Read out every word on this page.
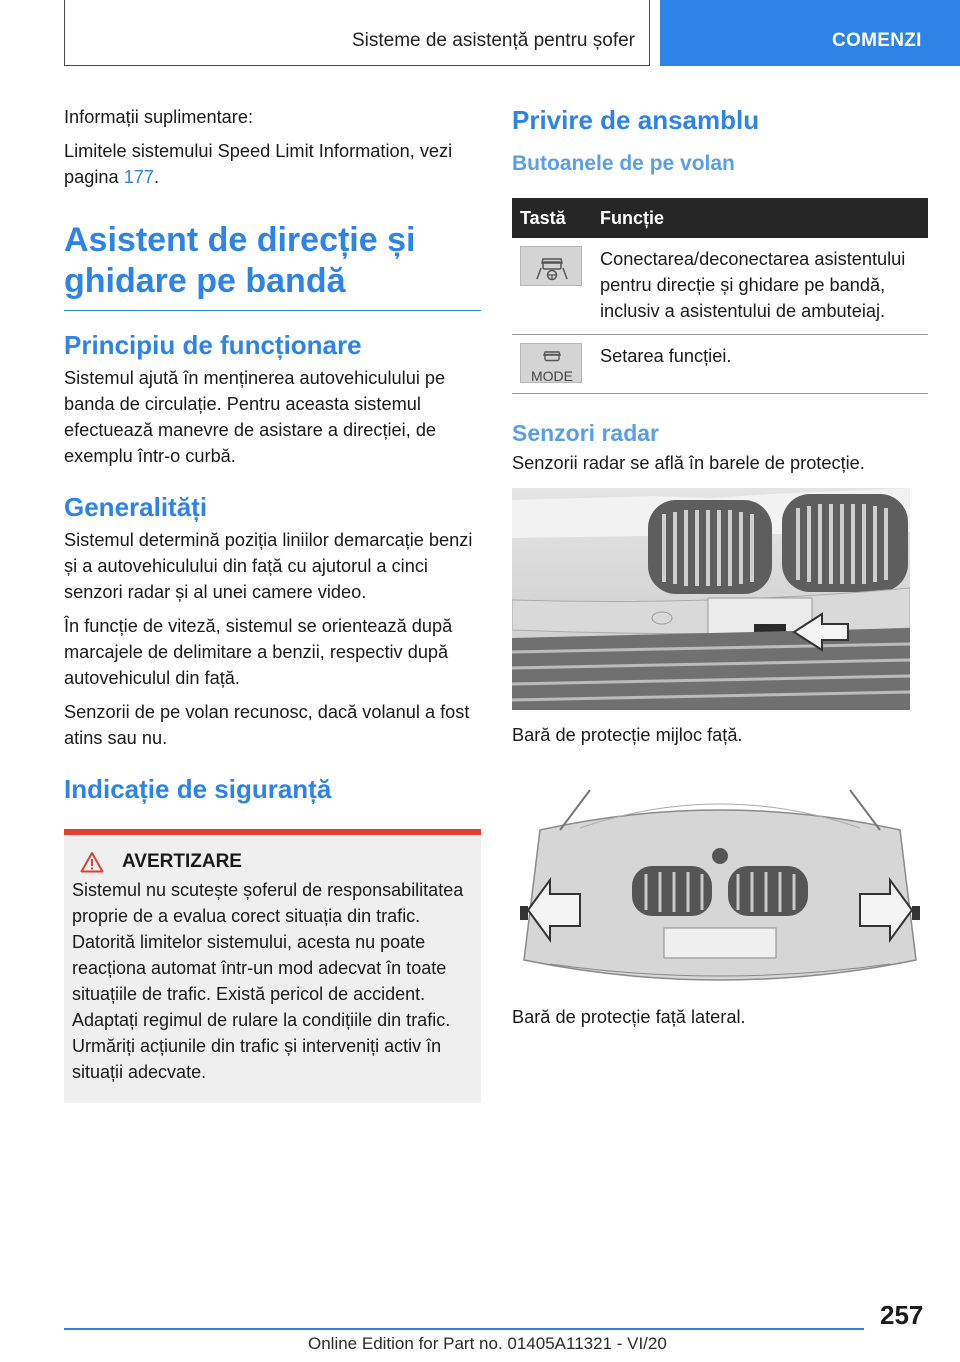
Sisteme de asistență pentru șofer	COMENZI

Informații suplimentare:

Limitele sistemului Speed Limit Information, vezi pagina 177.

Asistent de direcție și ghidare pe bandă
Principiu de funcționare

Sistemul ajută în menținerea autovehiculului pe banda de circulație. Pentru aceasta sistemul efectuează manevre de asistare a direcției, de exemplu într-o curbă.

Generalități

Sistemul determină poziția liniilor demarcație benzi și a autovehiculului din față cu ajutorul a cinci senzori radar și al unei camere video.

În funcție de viteză, sistemul se orientează după marcajele de delimitare a benzii, respectiv după autovehiculul din față.

Senzorii de pe volan recunosc, dacă volanul a fost atins sau nu.

Indicație de siguranță
AVERTIZARE

Sistemul nu scutește șoferul de responsabilitatea proprie de a evalua corect situația din trafic. Datorită limitelor sistemului, acesta nu poate reacționa automat într-un mod adecvat în toate situațiile de trafic. Există pericol de accident. Adaptați regimul de rulare la condițiile din trafic. Urmăriți acțiunile din trafic și interveniți activ în situații adecvate.

Privire de ansamblu
Butoanele de pe volan
Tastă	Funcție

	Conectarea/deconectarea asistentului pentru direcție și ghidare pe bandă, inclusiv a asistentului de ambuteiaj.

MODE	Setarea funcției.
Senzori radar

Senzorii radar se află în barele de protecție.

Bară de protecție mijloc față.

Bară de protecție față lateral.

257
Online Edition for Part no. 01405A11321 - VI/20
